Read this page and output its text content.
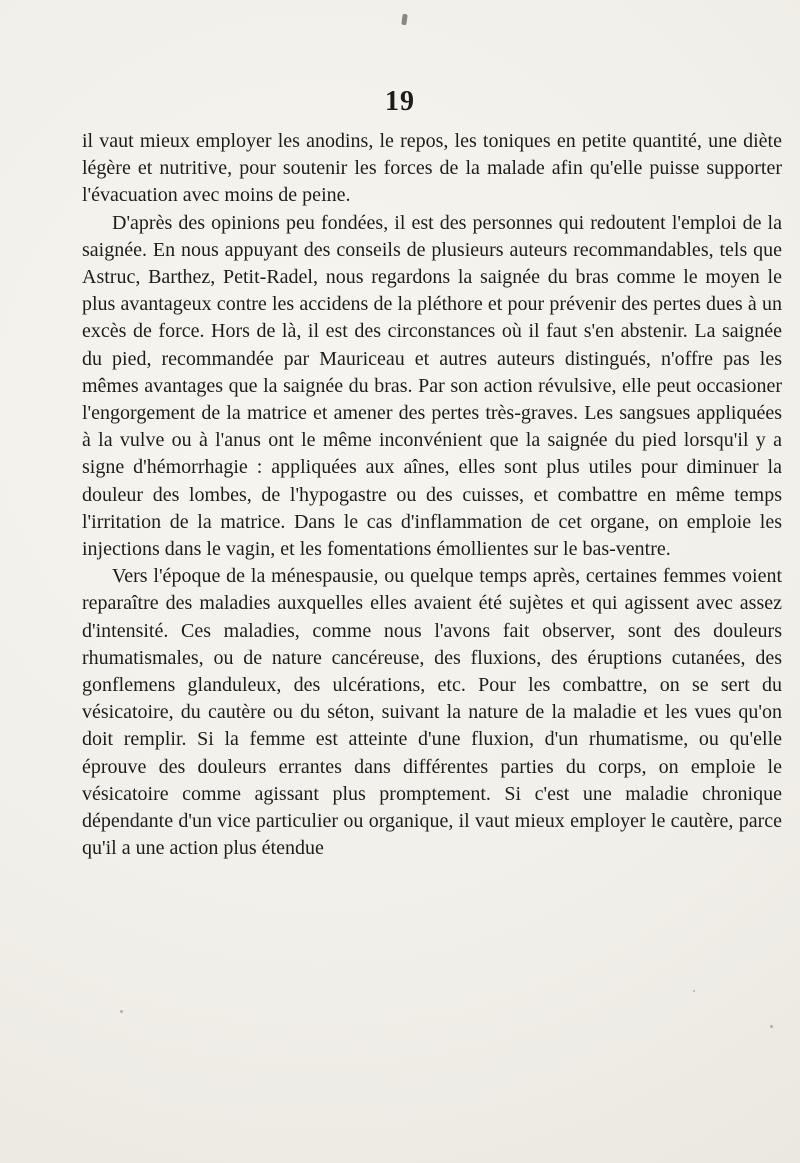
19

il vaut mieux employer les anodins, le repos, les toniques en petite quantité, une diète légère et nutritive, pour soutenir les forces de la malade afin qu'elle puisse supporter l'évacuation avec moins de peine.

D'après des opinions peu fondées, il est des personnes qui redoutent l'emploi de la saignée. En nous appuyant des conseils de plusieurs auteurs recommandables, tels que Astruc, Barthez, Petit-Radel, nous regardons la saignée du bras comme le moyen le plus avantageux contre les accidens de la pléthore et pour prévenir des pertes dues à un excès de force. Hors de là, il est des circonstances où il faut s'en abstenir. La saignée du pied, recommandée par Mauriceau et autres auteurs distingués, n'offre pas les mêmes avantages que la saignée du bras. Par son action révulsive, elle peut occasioner l'engorgement de la matrice et amener des pertes très-graves. Les sangsues appliquées à la vulve ou à l'anus ont le même inconvénient que la saignée du pied lorsqu'il y a signe d'hémorrhagie : appliquées aux aînes, elles sont plus utiles pour diminuer la douleur des lombes, de l'hypogastre ou des cuisses, et combattre en même temps l'irritation de la matrice. Dans le cas d'inflammation de cet organe, on emploie les injections dans le vagin, et les fomentations émollientes sur le bas-ventre.

Vers l'époque de la ménespausie, ou quelque temps après, certaines femmes voient reparaître des maladies auxquelles elles avaient été sujètes et qui agissent avec assez d'intensité. Ces maladies, comme nous l'avons fait observer, sont des douleurs rhumatismales, ou de nature cancéreuse, des fluxions, des éruptions cutanées, des gonflemens glanduleux, des ulcérations, etc. Pour les combattre, on se sert du vésicatoire, du cautère ou du séton, suivant la nature de la maladie et les vues qu'on doit remplir. Si la femme est atteinte d'une fluxion, d'un rhumatisme, ou qu'elle éprouve des douleurs errantes dans différentes parties du corps, on emploie le vésicatoire comme agissant plus promptement. Si c'est une maladie chronique dépendante d'un vice particulier ou organique, il vaut mieux employer le cautère, parce qu'il a une action plus étendue
